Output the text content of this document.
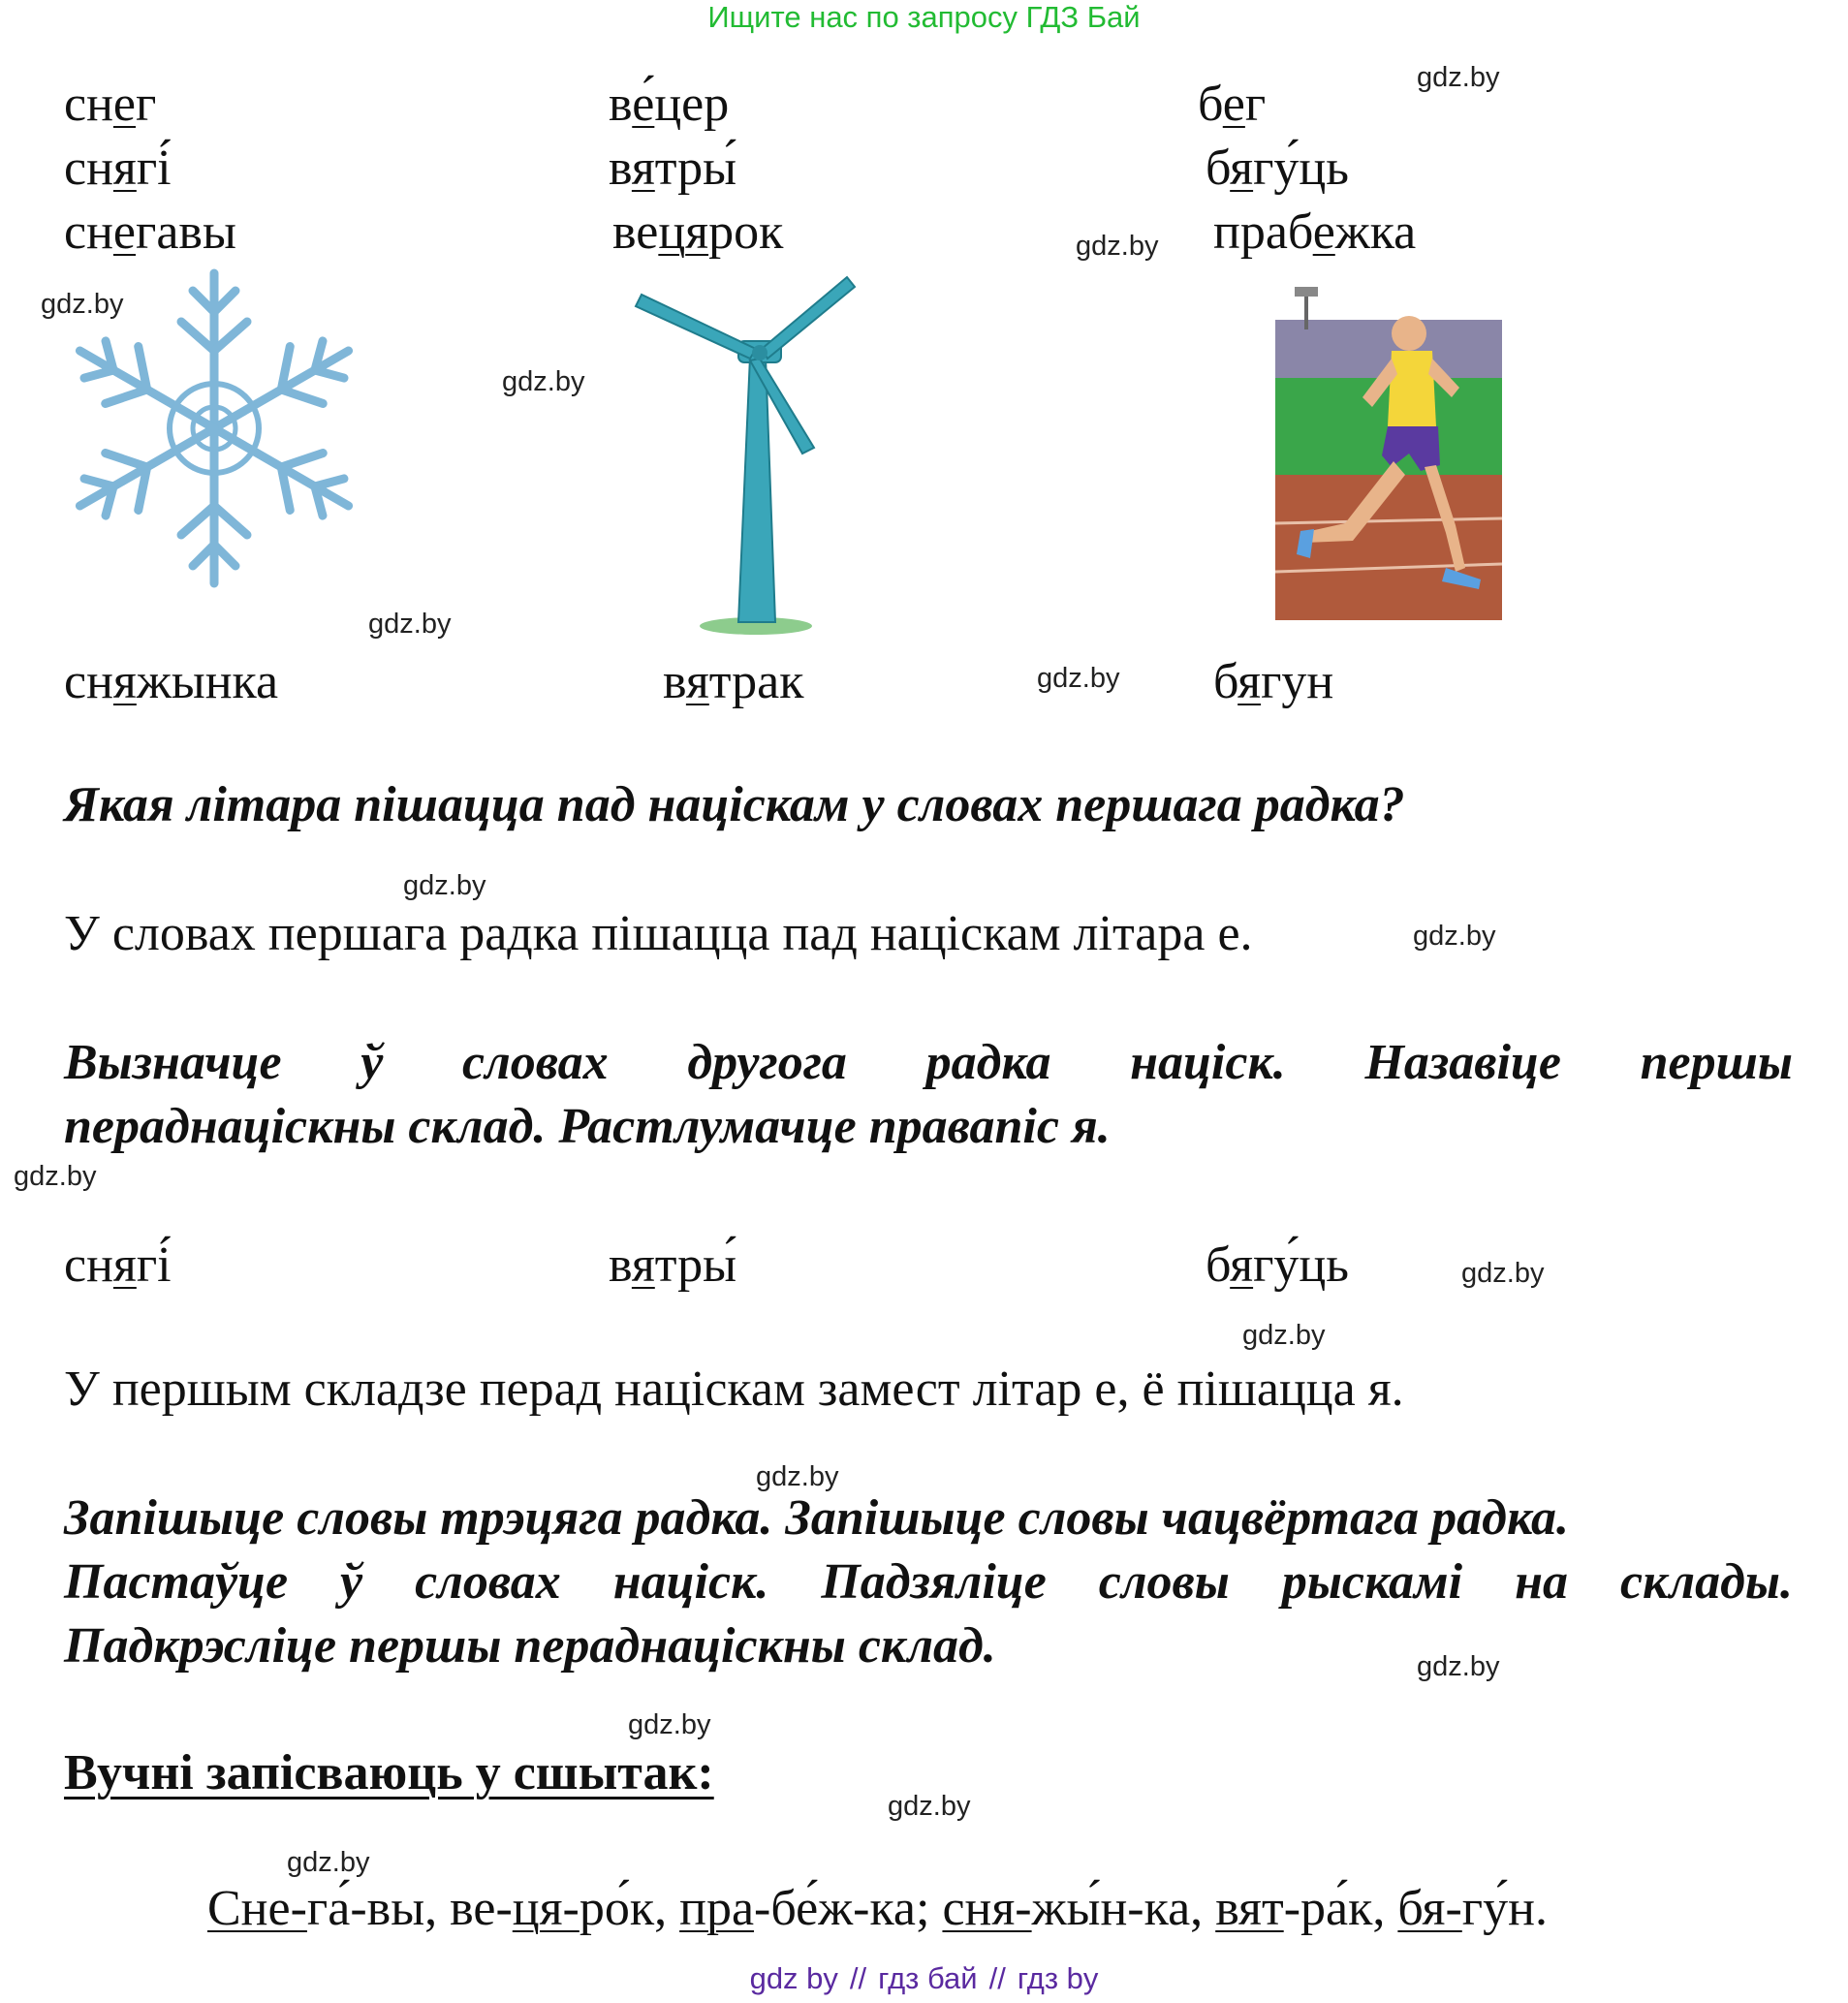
Ищите нас по запросу ГДЗ Бай
gdz.by
gdz.by
gdz.by
gdz.by
gdz.by
gdz.by
gdz.by
gdz.by
gdz.by
gdz.by
gdz.by
gdz.by
gdz.by
gdz.by
gdz.by
gdz.by
снег	ве́цер	бег
снягі́	вятры́	бягу́ць
снегавы	вецярок	прабежка
сняжынка	вятрак	бягун
Якая літара пішацца пад націскам у словах першага радка?
У словах першага радка пішацца пад націскам літара е.
Вызначце ў словах другога радка націск. Назавіце першы
пераднаціскны склад. Растлумачце правапіс я.
снягі́	вятры́	бягу́ць
У першым складзе перад націскам замест літар е, ё пішацца я.
Запішыце словы трэцяга радка. Запішыце словы чацвёртага радка.
Пастаўце ў словах націск. Падзяліце словы рыскамі на склады.
Падкрэсліце першы пераднаціскны склад.
Вучні запісваюць у сшытак:
Сне-га́-вы, ве-ця-ро́к, пра-бе́ж-ка; сня-жы́н-ка, вят-ра́к, бя-гу́н.
gdz by // гдз бай // гдз by
